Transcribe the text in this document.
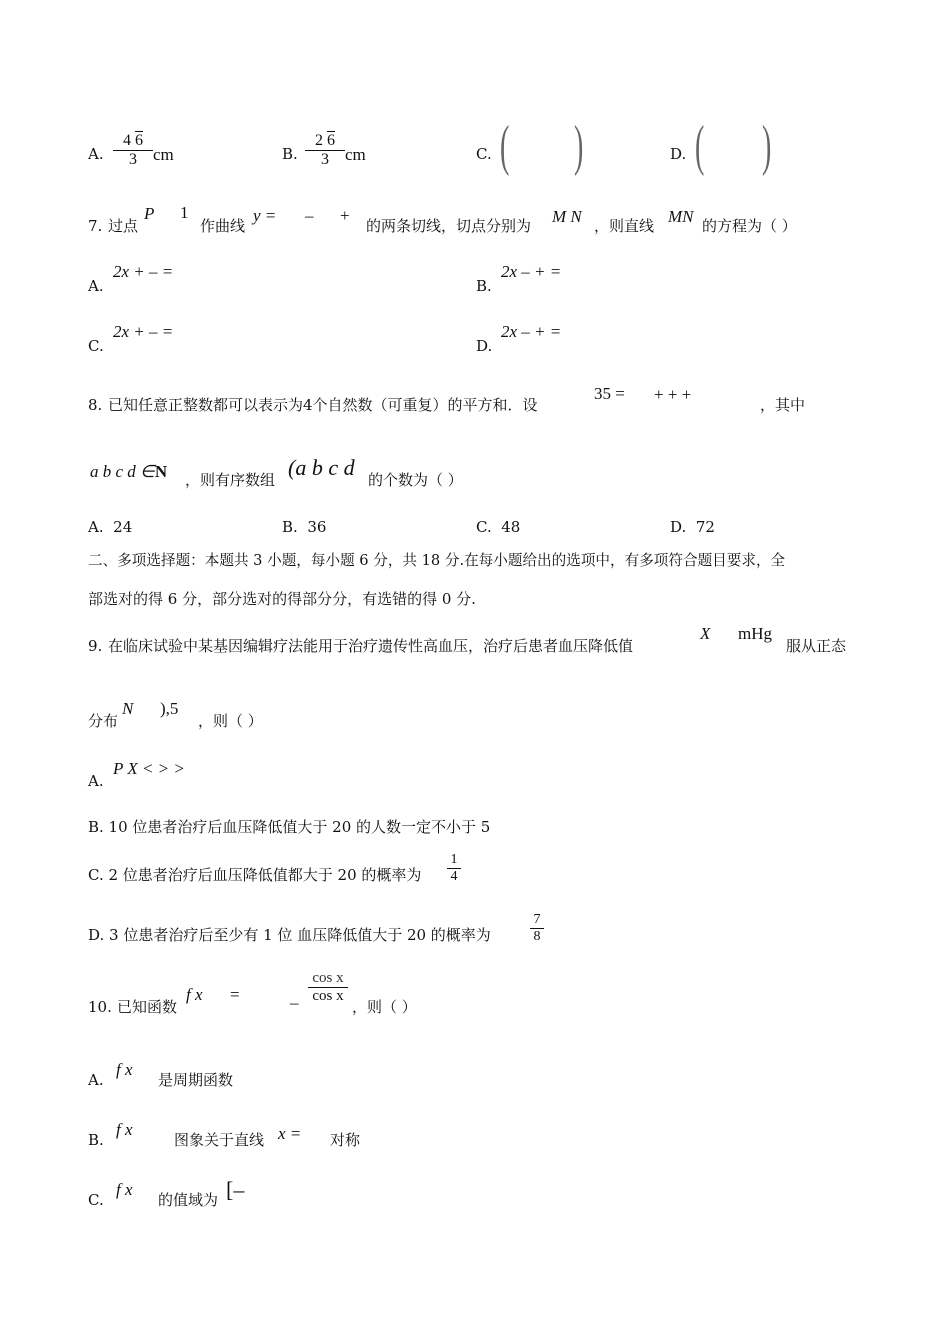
A. $\frac{4 6}{3}$ cm	B. $\frac{2 6}{3}$ cm	C. ( )	D. ( )
7. 过点
P 1
作曲线
y = – +
的两条切线，切点分别为 M N ，则直线 MN 的方程为（ ）
A.
2x + – =
B.
2x – + =
C.
2x + – =
D.
2x – + =
8. 已知任意正整数都可以表示为4个自然数（可重复）的平方和．设
35 = + + +
，其中
a b c d ∈N ，则有序数组 (a b c d 的个数为（ ）
A. 24	B. 36	C. 48	D. 72
二、多项选择题：本题共 3 小题，每小题 6 分，共 18 分.在每小题给出的选项中，有多项符合题目要求，全
部选对的得 6 分，部分选对的得部分分，有选错的得 0 分.
9. 在临床试验中某基因编辑疗法能用于治疗遗传性高血压，治疗后患者血压降低值
X mHg
服从正态
分布
N ),5
，则（ ）
A.
P X < > >
B. 10 位患者治疗后血压降低值大于 20 的人数一定不小于 5
C. 2 位患者治疗后血压降低值都大于 20 的概率为 $\frac{1}{4}$
D. 3 位患者治疗后至少有 1 位 血压降低值大于 20 的概率为	$\frac{7}{8}$
10. 已知函数
f x =	– $\frac{\text{cos x}}{\text{cos x}}$
，则（ ）
A.
f x
是周期函数
B.
f x
图象关于直线 x = 对称
C.
f x
的值域为 [–
